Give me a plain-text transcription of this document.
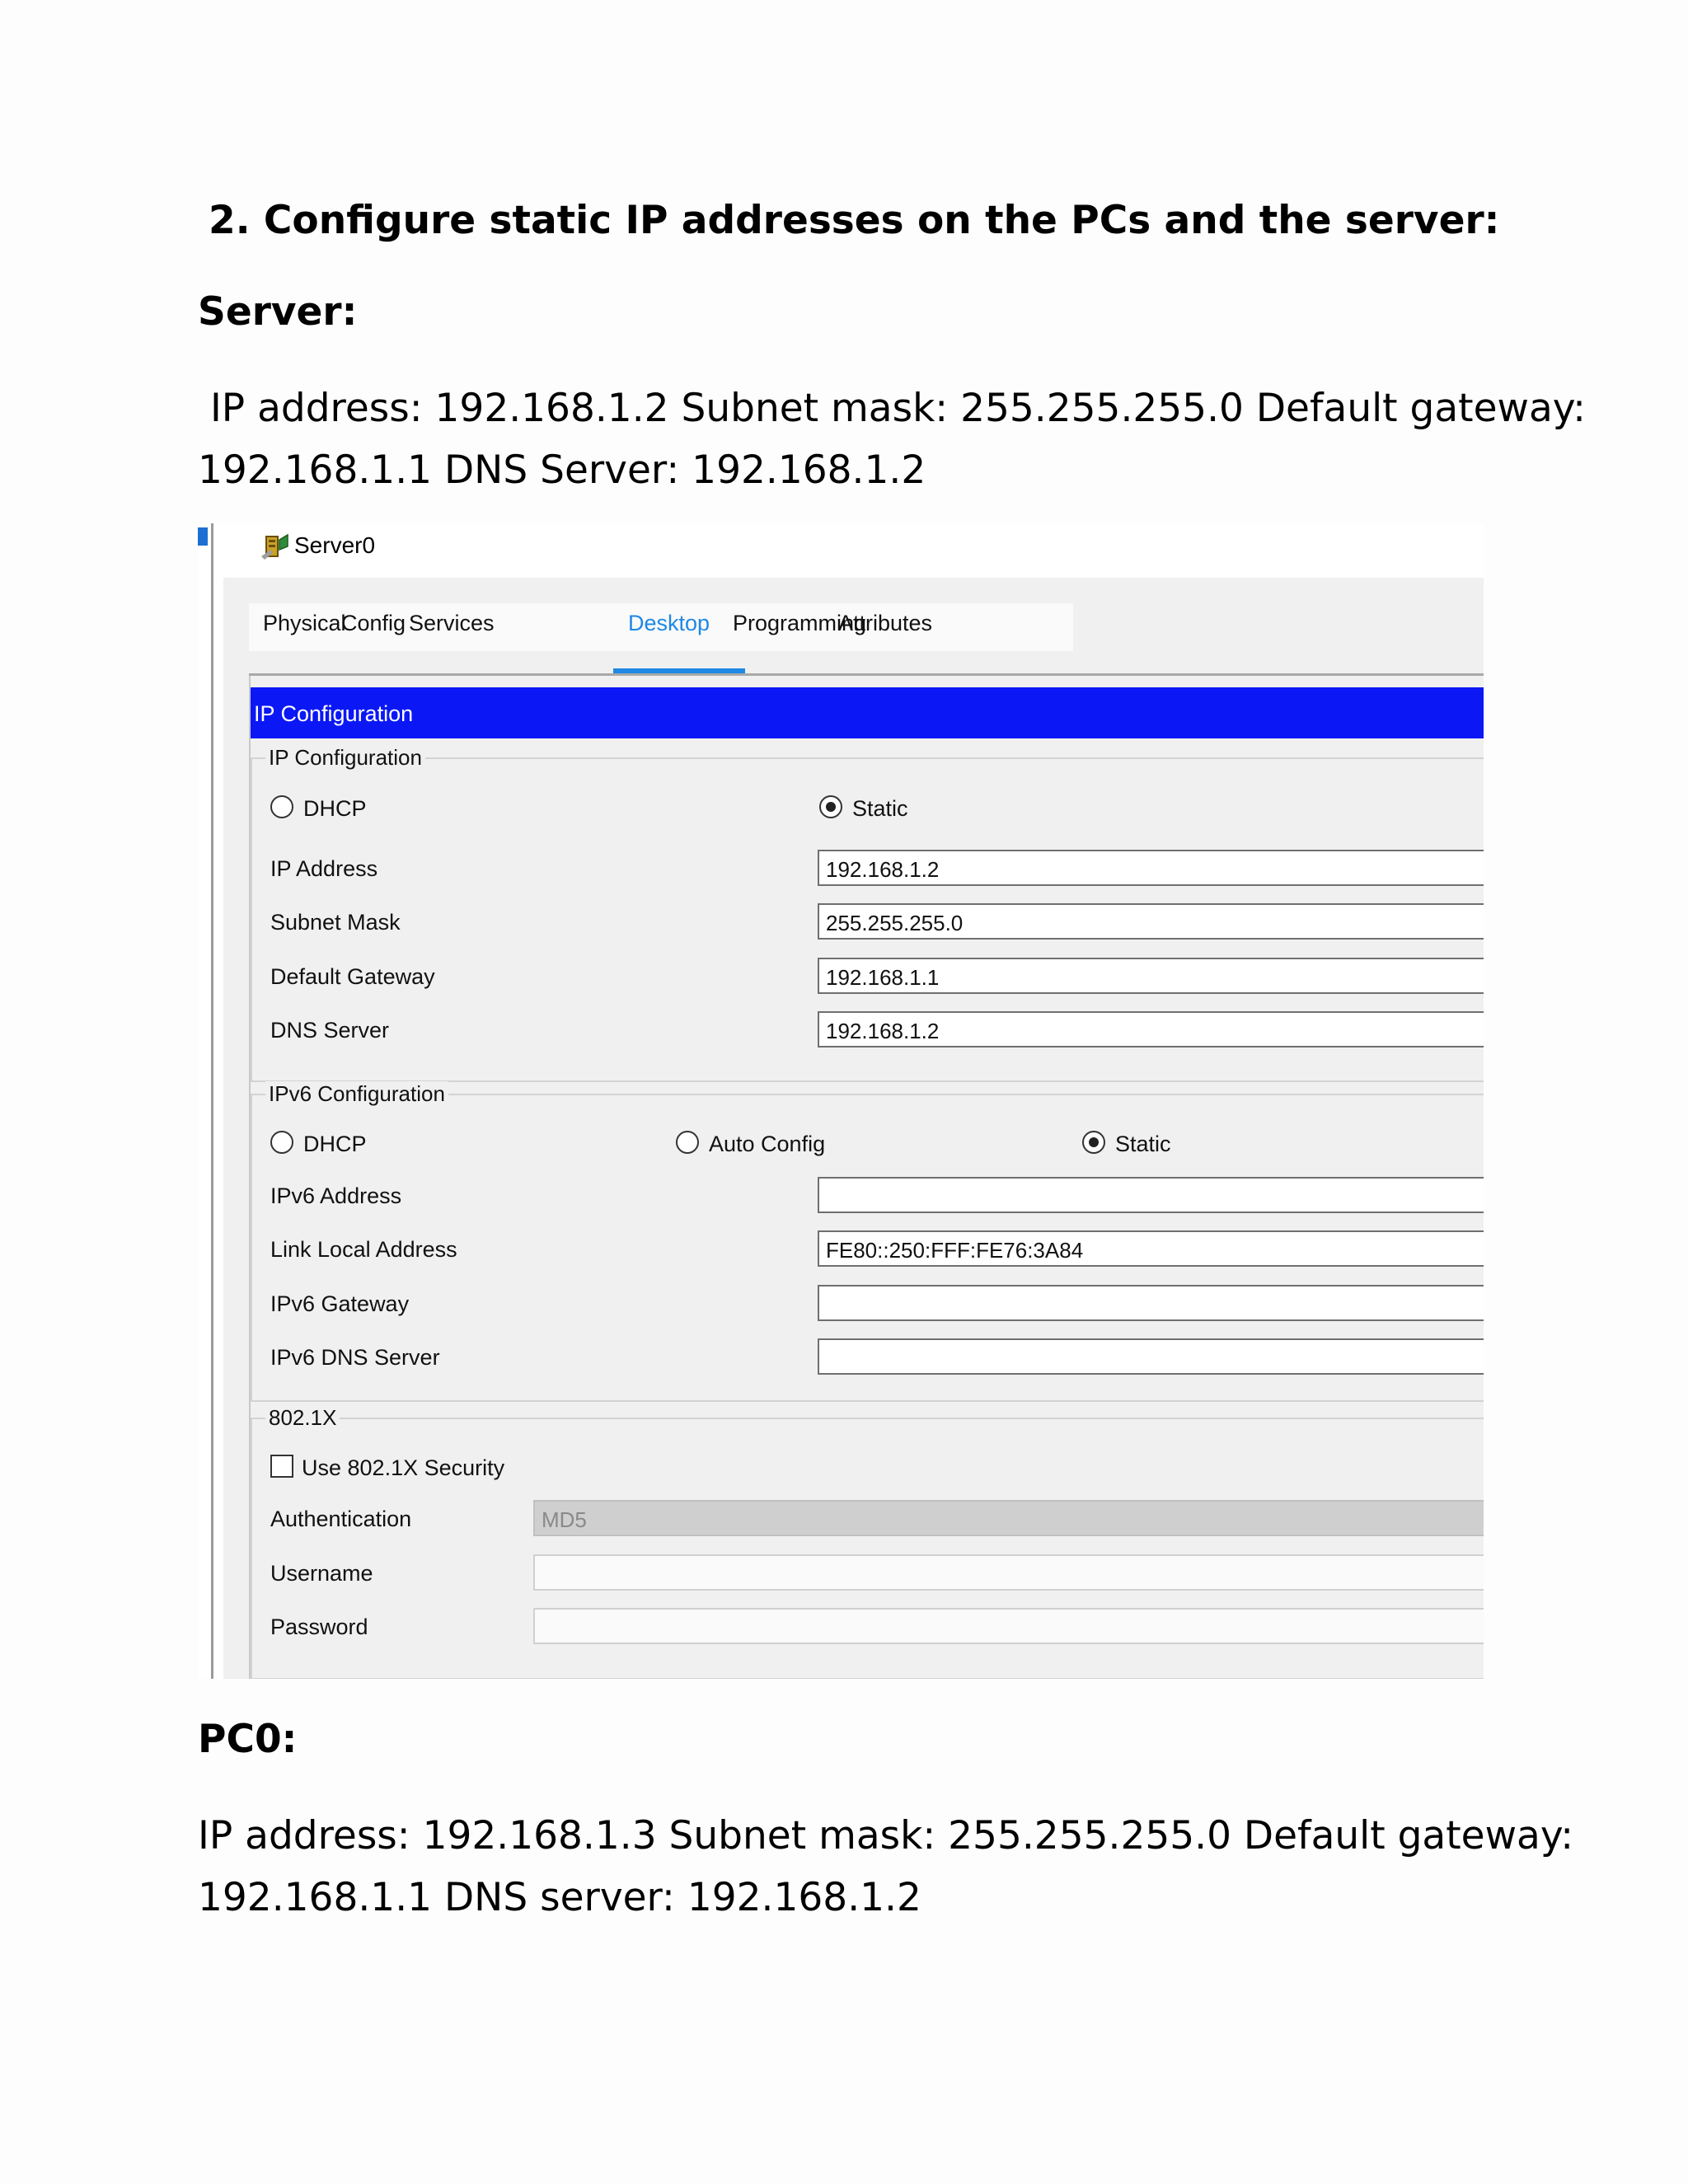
2. Configure static IP addresses on the PCs and the server:
Server:
IP address: 192.168.1.2 Subnet mask: 255.255.255.0 Default gateway:
192.168.1.1 DNS Server: 192.168.1.2
Server0
Physical
Config Services	Desktop Programming
Attributes
IP Configuration
IP Configuration
DHCP	Static
IP Address	192.168.1.2
Subnet Mask	255.255.255.0
Default Gateway	192.168.1.1
DNS Server	192.168.1.2
IPv6 Configuration
DHCP	Auto Config	Static
IPv6 Address
Link Local Address	FE80::250:FFF:FE76:3A84
IPv6 Gateway
IPv6 DNS Server
802.1X
Use 802.1X Security
Authentication	MD5
Username
Password
PC0:
IP address: 192.168.1.3 Subnet mask: 255.255.255.0 Default gateway:
192.168.1.1 DNS server: 192.168.1.2
